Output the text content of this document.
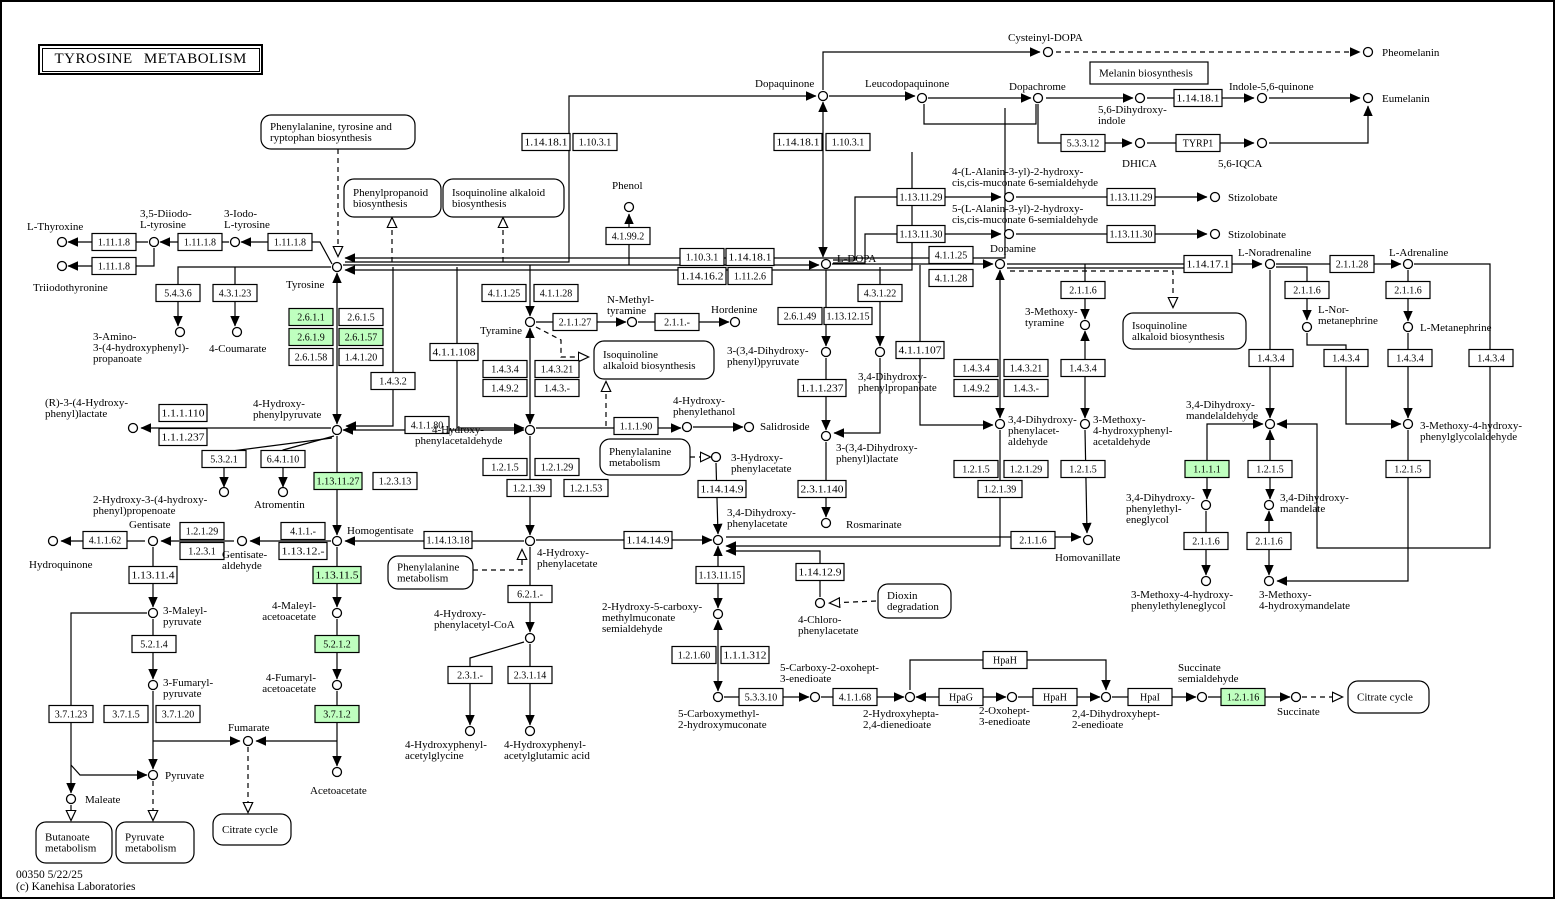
1.11.1.8	1.11.1.8	1.11.1.8
1.11.1.8
5.4.3.6	4.3.1.23
2.6.1.1 2.6.1.5
2.6.1.9 2.6.1.57
2.6.1.58 1.4.1.20
1.4.3.2
4.1.1.108
1.1.1.110
1.1.1.237
5.3.2.1	6.4.1.10
1.13.11.27 1.2.3.13
4.1.1.80
1.14.18.1 1.10.3.1
4.1.99.2
1.10.3.1 1.14.18.1
1.14.16.2 1.11.2.6
1.14.18.1 1.10.3.1
4.1.1.25 4.1.1.28
2.1.1.27	2.1.1.-
1.4.3.4 1.4.3.21
1.4.9.2	1.4.3.-
1.1.1.90
1.2.1.5 1.2.1.29
1.2.1.39 1.2.1.53
1.2.1.29
1.2.3.1
4.1.1.-
1.13.12.-
4.1.1.62
1.13.11.4
5.2.1.4
3.7.1.23	3.7.1.5 3.7.1.20
1.13.11.5
5.2.1.2
3.7.1.2
1.14.13.18
6.2.1.-
2.3.1.-	2.3.1.14
1.14.14.9
1.14.14.9
1.13.11.15
1.2.1.60 1.1.1.312
5.3.3.10	4.1.1.68	HpaG	HpaH
HpaH
HpaI	1.2.1.16
1.14.12.9
2.6.1.49 1.13.12.15
4.3.1.22
1.1.1.237
2.3.1.140
4.1.1.25
4.1.1.28
4.1.1.107
1.4.3.4 1.4.3.21
1.4.9.2 1.4.3.-
1.2.1.5 1.2.1.29
1.2.1.39
2.1.1.6
1.4.3.4
1.2.1.5
2.1.1.6
1.13.11.29	1.13.11.29
1.13.11.30	1.13.11.30
5.3.3.12	TYRP1
1.14.18.1
1.14.17.1	2.1.1.28
2.1.1.6	2.1.1.6
1.4.3.4	1.4.3.4	1.4.3.4	1.4.3.4
1.1.1.1	1.2.1.5	1.2.1.5
2.1.1.6	2.1.1.6
Phenylalanine, tyrosine and
ryptophan biosynthesis
Phenylpropanoid
biosynthesis
Isoquinoline alkaloid
biosynthesis
Isoquinoline
alkaloid biosynthesis
Isoquinoline
alkaloid biosynthesis
Phenylalanine
metabolism
Phenylalanine
metabolism
Dioxin
degradation
Butanoate
metabolism
Pyruvate
metabolism
Citrate cycle
Citrate cycle
Melanin biosynthesis
L-Thyroxine
3,5-Diiodo-L-tyrosine
3-Iodo-L-tyrosine
Triiodothyronine	Tyrosine
3-Amino-3-(4-hydroxyphenyl)-propanoate
4-Coumarate
(R)-3-(4-Hydroxy-phenyl)lactate
4-Hydroxy-phenylpyruvate
2-Hydroxy-3-(4-hydroxy-phenyl)propenoate	Atromentin
Gentisate
Gentisate-aldehyde
Hydroquinone
Homogentisate
3-Maleyl-pyruvate
3-Fumaryl-pyruvate
Fumarate
Pyruvate
Maleate
Acetoacetate
4-Maleyl-acetoacetate
4-Fumaryl-acetoacetate
4-Hydroxy-
phenylacetaldehyde
Tyramine
N-Methyl-tyramine	Hordenine
Phenol
4-Hydroxy-phenylethanol
Salidroside
4-Hydroxy-phenylacetate
4-Hydroxy-phenylacetyl-CoA
4-Hydroxyphenyl-acetylglycine
4-Hydroxyphenyl-acetylglutamic acid
3-Hydroxy-phenylacetate
3,4-Dihydroxy-phenylacetate
2-Hydroxy-5-carboxy-methylmuconate semialdehyde
4-Chloro-phenylacetate
5-Carboxymethyl-2-hydroxymuconate
5-Carboxy-2-oxohept-3-enedioate
2-Hydroxyhepta-2,4-dienedioate
2-Oxohept-3-enedioate
2,4-Dihydroxyhept-2-enedioate
Succinate semialdehyde
Succinate
L-DOPA
3-(3,4-Dihydroxy-phenyl)pyruvate
3-(3,4-Dihydroxy-phenyl)lactate
Rosmarinate
3,4-Dihydroxy-phenylpropanoate
Dopamine
3-Methoxy-tyramine
3,4-Dihydroxy-phenylacet-aldehyde
3-Methoxy-4-hydroxyphenyl-acetaldehyde
Homovanillate
4-(L-Alanin-3-yl)-2-hydroxy-cis,cis-muconate 6-semialdehyde
5-(L-Alanin-3-yl)-2-hydroxy-cis,cis-muconate 6-semialdehyde
Stizolobate
Stizolobinate
Dopaquinone	Leucodopaquinone	Dopachrome
Cysteinyl-DOPA
Pheomelanin
5,6-Dihydroxy-indole
Indole-5,6-quinone
Eumelanin
DHICA	5,6-IQCA
L-Noradrenaline	L-Adrenaline
L-Nor-metanephrine
L-Metanephrine
3,4-Dihydroxy-mandelaldehyde
3-Methoxy-4-hydroxy-phenylglycolaldehyde
3,4-Dihydroxy-phenylethyl-eneglycol
3,4-Dihydroxy-mandelate
3-Methoxy-4-hydroxy-phenylethyleneglycol
3-Methoxy-4-hydroxymandelate
TYROSINE METABOLISM
00350 5/22/25
(c) Kanehisa Laboratories
